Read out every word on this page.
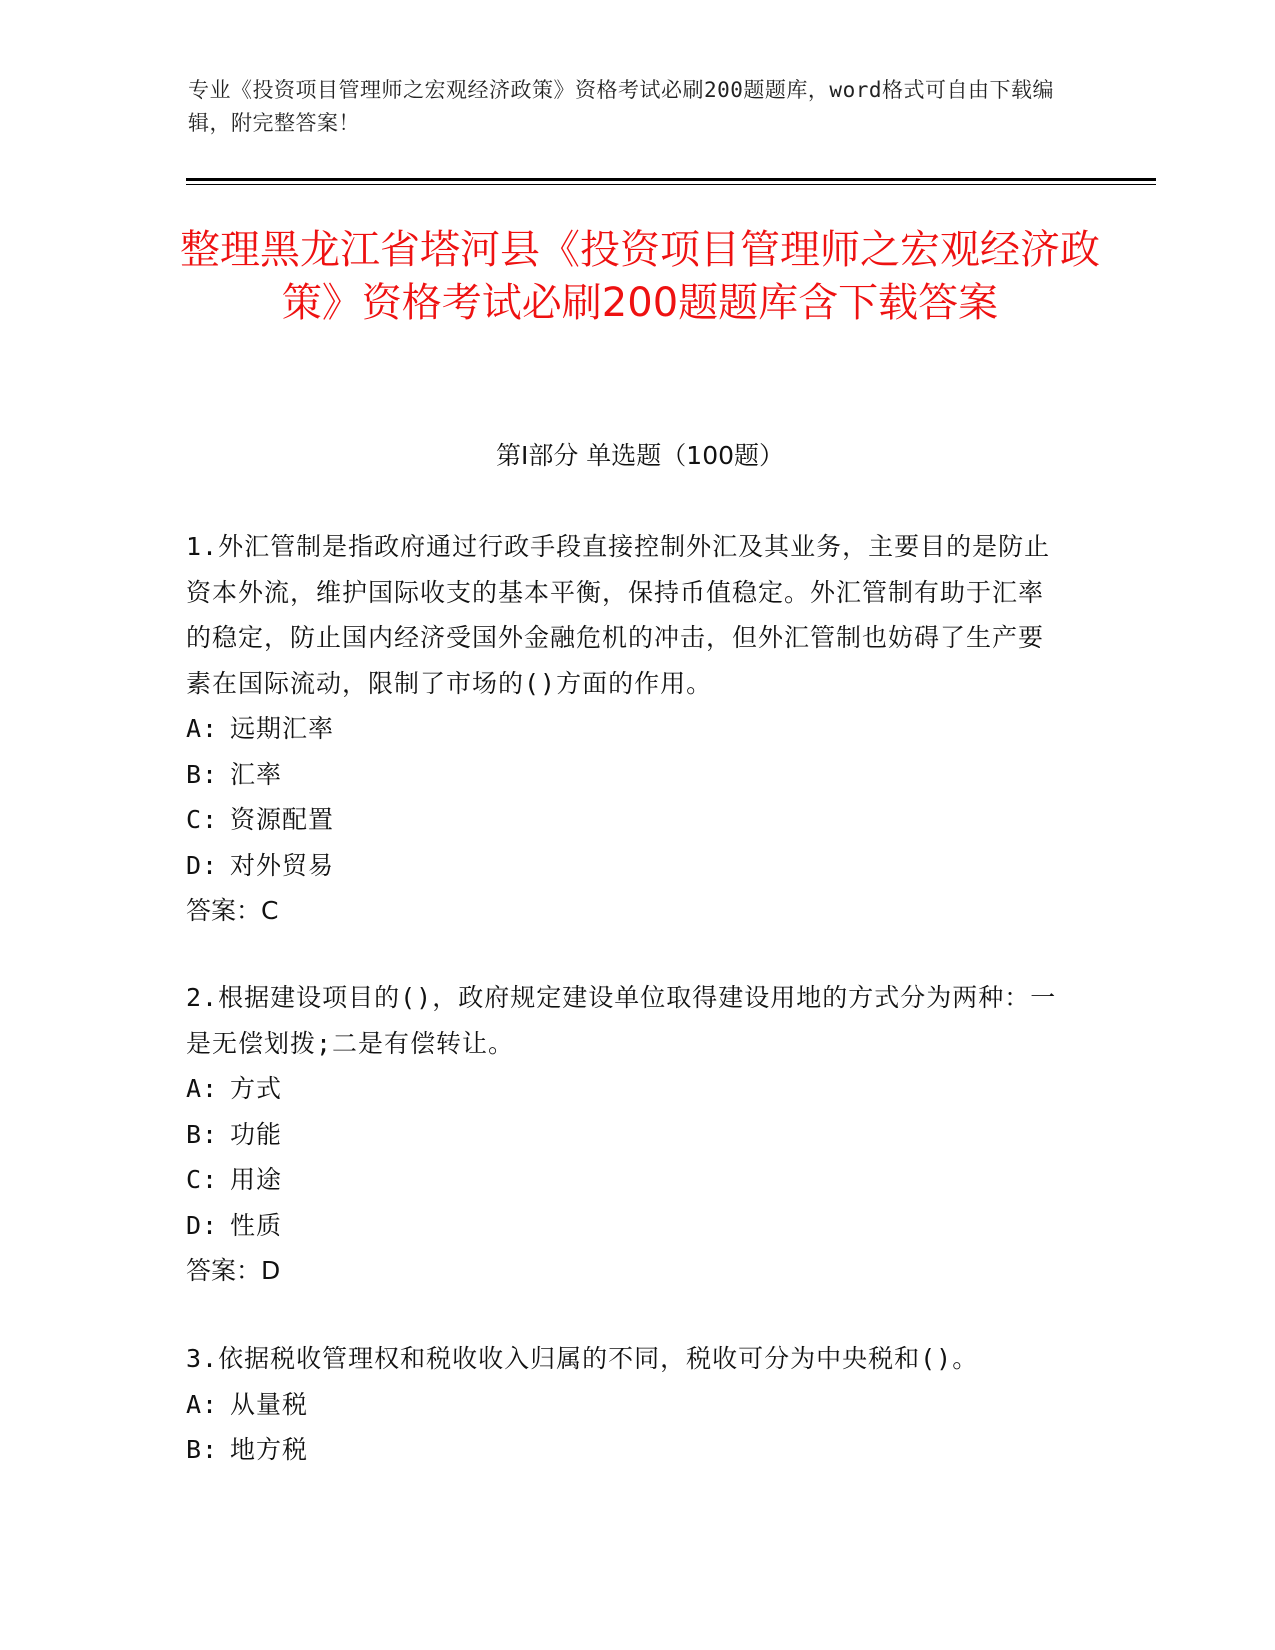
专业《投资项目管理师之宏观经济政策》资格考试必刷200题题库，word格式可自由下载编辑，附完整答案！
整理黑龙江省塔河县《投资项目管理师之宏观经济政策》资格考试必刷200题题库含下载答案
第Ⅰ部分 单选题（100题）
1.外汇管制是指政府通过行政手段直接控制外汇及其业务，主要目的是防止资本外流，维护国际收支的基本平衡，保持币值稳定。外汇管制有助于汇率的稳定，防止国内经济受国外金融危机的冲击，但外汇管制也妨碍了生产要素在国际流动，限制了市场的()方面的作用。
A: 远期汇率
B: 汇率
C: 资源配置
D: 对外贸易
答案：C
2.根据建设项目的()，政府规定建设单位取得建设用地的方式分为两种：一是无偿划拨;二是有偿转让。
A: 方式
B: 功能
C: 用途
D: 性质
答案：D
3.依据税收管理权和税收收入归属的不同，税收可分为中央税和()。
A: 从量税
B: 地方税
